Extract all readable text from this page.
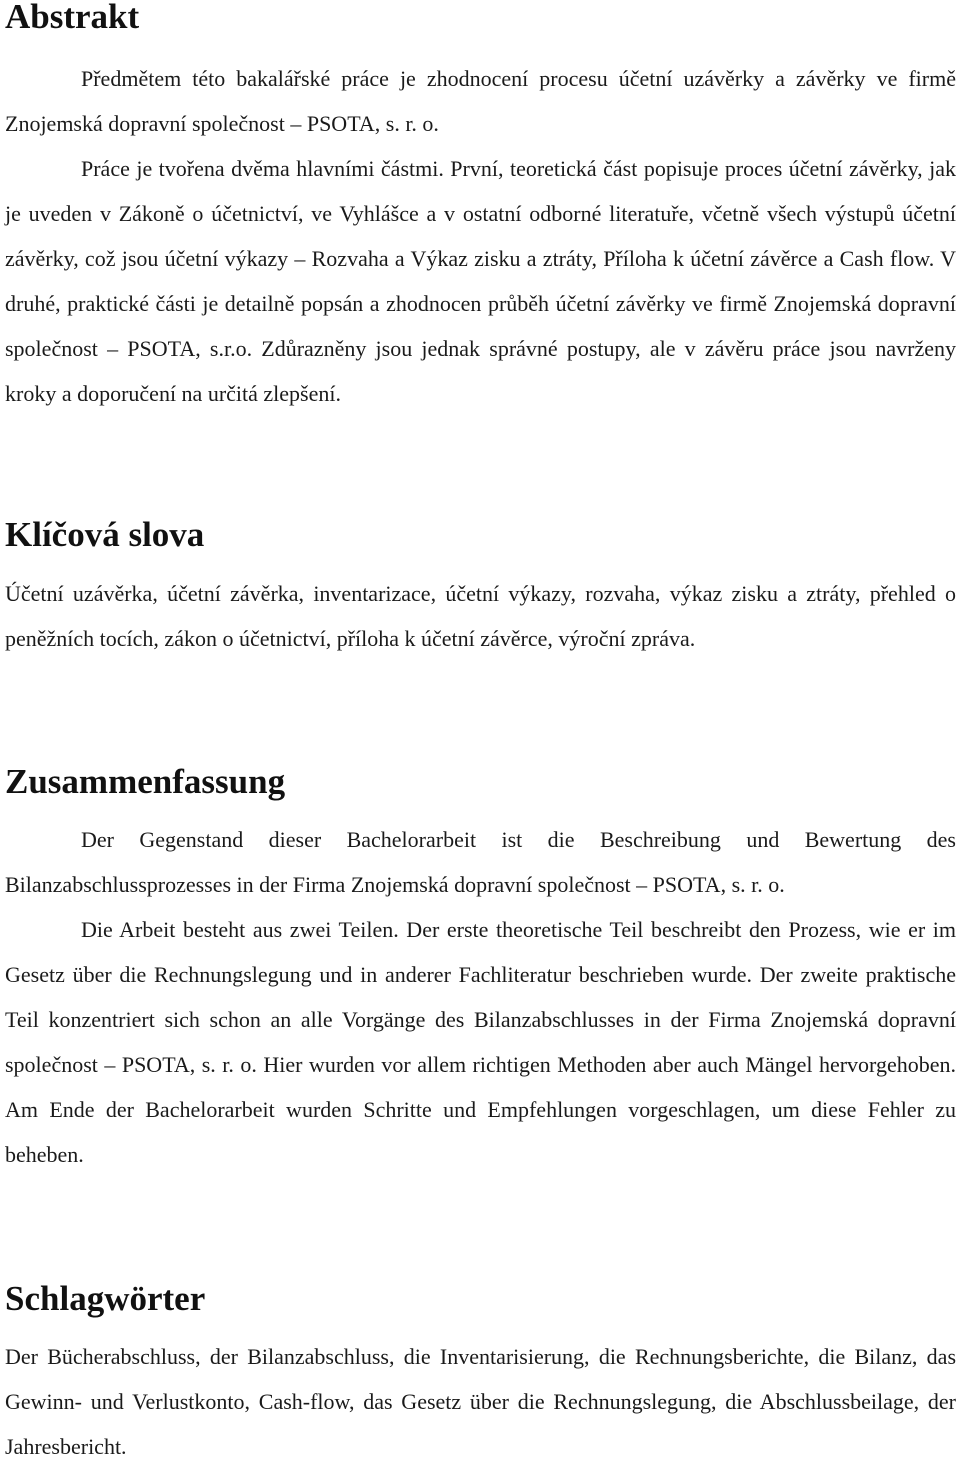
Abstrakt

Předmětem této bakalářské práce je zhodnocení procesu účetní uzávěrky a závěrky ve firmě Znojemská dopravní společnost – PSOTA, s. r. o.

Práce je tvořena dvěma hlavními částmi. První, teoretická část popisuje proces účetní závěrky, jak je uveden v Zákoně o účetnictví, ve Vyhlášce a v ostatní odborné literatuře, včetně všech výstupů účetní závěrky, což jsou účetní výkazy – Rozvaha a Výkaz zisku a ztráty, Příloha k účetní závěrce a Cash flow. V druhé, praktické části je detailně popsán a zhodnocen průběh účetní závěrky ve firmě Znojemská dopravní společnost – PSOTA, s.r.o. Zdůrazněny jsou jednak správné postupy, ale v závěru práce jsou navrženy kroky a doporučení na určitá zlepšení.

Klíčová slova

Účetní uzávěrka, účetní závěrka, inventarizace, účetní výkazy, rozvaha, výkaz zisku a ztráty, přehled o peněžních tocích, zákon o účetnictví, příloha k účetní závěrce, výroční zpráva.

Zusammenfassung

Der Gegenstand dieser Bachelorarbeit ist die Beschreibung und Bewertung des Bilanzabschlussprozesses in der Firma Znojemská dopravní společnost – PSOTA, s. r. o.

Die Arbeit besteht aus zwei Teilen. Der erste theoretische Teil beschreibt den Prozess, wie er im Gesetz über die Rechnungslegung und in anderer Fachliteratur beschrieben wurde. Der zweite praktische Teil konzentriert sich schon an alle Vorgänge des Bilanzabschlusses in der Firma Znojemská dopravní společnost – PSOTA, s. r. o. Hier wurden vor allem richtigen Methoden aber auch Mängel hervorgehoben. Am Ende der Bachelorarbeit wurden Schritte und Empfehlungen vorgeschlagen, um diese Fehler zu beheben.

Schlagwörter

Der Bücherabschluss, der Bilanzabschluss, die Inventarisierung, die Rechnungsberichte, die Bilanz, das Gewinn- und Verlustkonto, Cash-flow, das Gesetz über die Rechnungslegung, die Abschlussbeilage, der Jahresbericht.
